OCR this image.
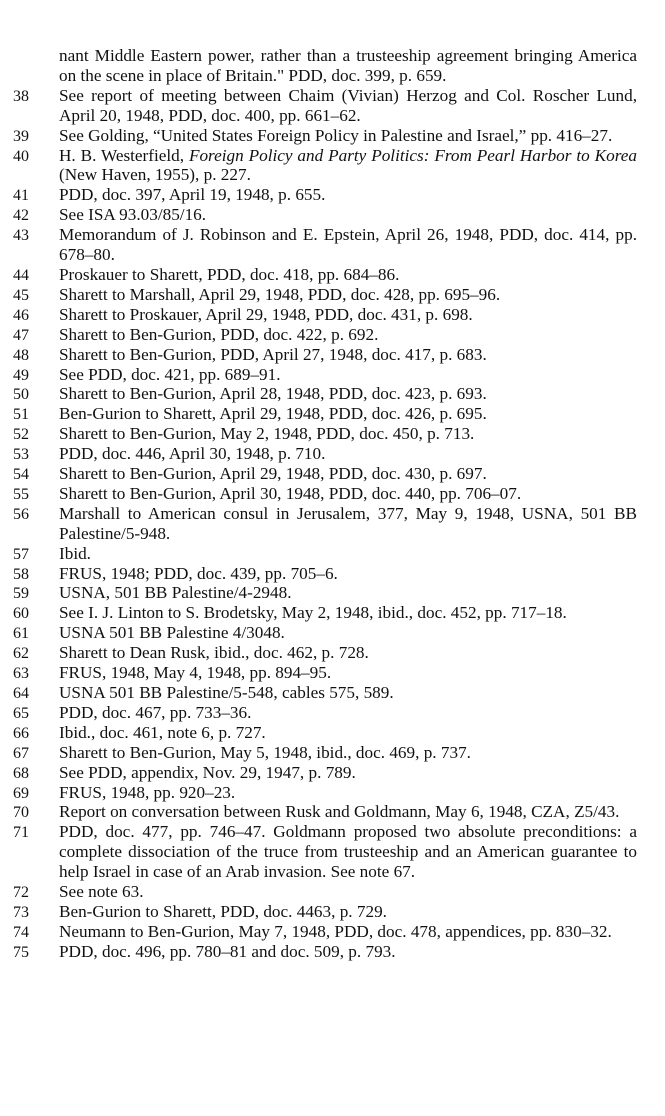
nant Middle Eastern power, rather than a trusteeship agreement bringing America on the scene in place of Britain." PDD, doc. 399, p. 659.
38	See report of meeting between Chaim (Vivian) Herzog and Col. Roscher Lund, April 20, 1948, PDD, doc. 400, pp. 661–62.
39	See Golding, “United States Foreign Policy in Palestine and Israel,” pp. 416–27.
40	H. B. Westerfield, Foreign Policy and Party Politics: From Pearl Harbor to Korea (New Haven, 1955), p. 227.
41	PDD, doc. 397, April 19, 1948, p. 655.
42	See ISA 93.03/85/16.
43	Memorandum of J. Robinson and E. Epstein, April 26, 1948, PDD, doc. 414, pp. 678–80.
44	Proskauer to Sharett, PDD, doc. 418, pp. 684–86.
45	Sharett to Marshall, April 29, 1948, PDD, doc. 428, pp. 695–96.
46	Sharett to Proskauer, April 29, 1948, PDD, doc. 431, p. 698.
47	Sharett to Ben-Gurion, PDD, doc. 422, p. 692.
48	Sharett to Ben-Gurion, PDD, April 27, 1948, doc. 417, p. 683.
49	See PDD, doc. 421, pp. 689–91.
50	Sharett to Ben-Gurion, April 28, 1948, PDD, doc. 423, p. 693.
51	Ben-Gurion to Sharett, April 29, 1948, PDD, doc. 426, p. 695.
52	Sharett to Ben-Gurion, May 2, 1948, PDD, doc. 450, p. 713.
53	PDD, doc. 446, April 30, 1948, p. 710.
54	Sharett to Ben-Gurion, April 29, 1948, PDD, doc. 430, p. 697.
55	Sharett to Ben-Gurion, April 30, 1948, PDD, doc. 440, pp. 706–07.
56	Marshall to American consul in Jerusalem, 377, May 9, 1948, USNA, 501 BB Palestine/5-948.
57	Ibid.
58	FRUS, 1948; PDD, doc. 439, pp. 705–6.
59	USNA, 501 BB Palestine/4-2948.
60	See I. J. Linton to S. Brodetsky, May 2, 1948, ibid., doc. 452, pp. 717–18.
61	USNA 501 BB Palestine 4/3048.
62	Sharett to Dean Rusk, ibid., doc. 462, p. 728.
63	FRUS, 1948, May 4, 1948, pp. 894–95.
64	USNA 501 BB Palestine/5-548, cables 575, 589.
65	PDD, doc. 467, pp. 733–36.
66	Ibid., doc. 461, note 6, p. 727.
67	Sharett to Ben-Gurion, May 5, 1948, ibid., doc. 469, p. 737.
68	See PDD, appendix, Nov. 29, 1947, p. 789.
69	FRUS, 1948, pp. 920–23.
70	Report on conversation between Rusk and Goldmann, May 6, 1948, CZA, Z5/43.
71	PDD, doc. 477, pp. 746–47. Goldmann proposed two absolute preconditions: a complete dissociation of the truce from trusteeship and an American guarantee to help Israel in case of an Arab invasion. See note 67.
72	See note 63.
73	Ben-Gurion to Sharett, PDD, doc. 4463, p. 729.
74	Neumann to Ben-Gurion, May 7, 1948, PDD, doc. 478, appendices, pp. 830–32.
75	PDD, doc. 496, pp. 780–81 and doc. 509, p. 793.
